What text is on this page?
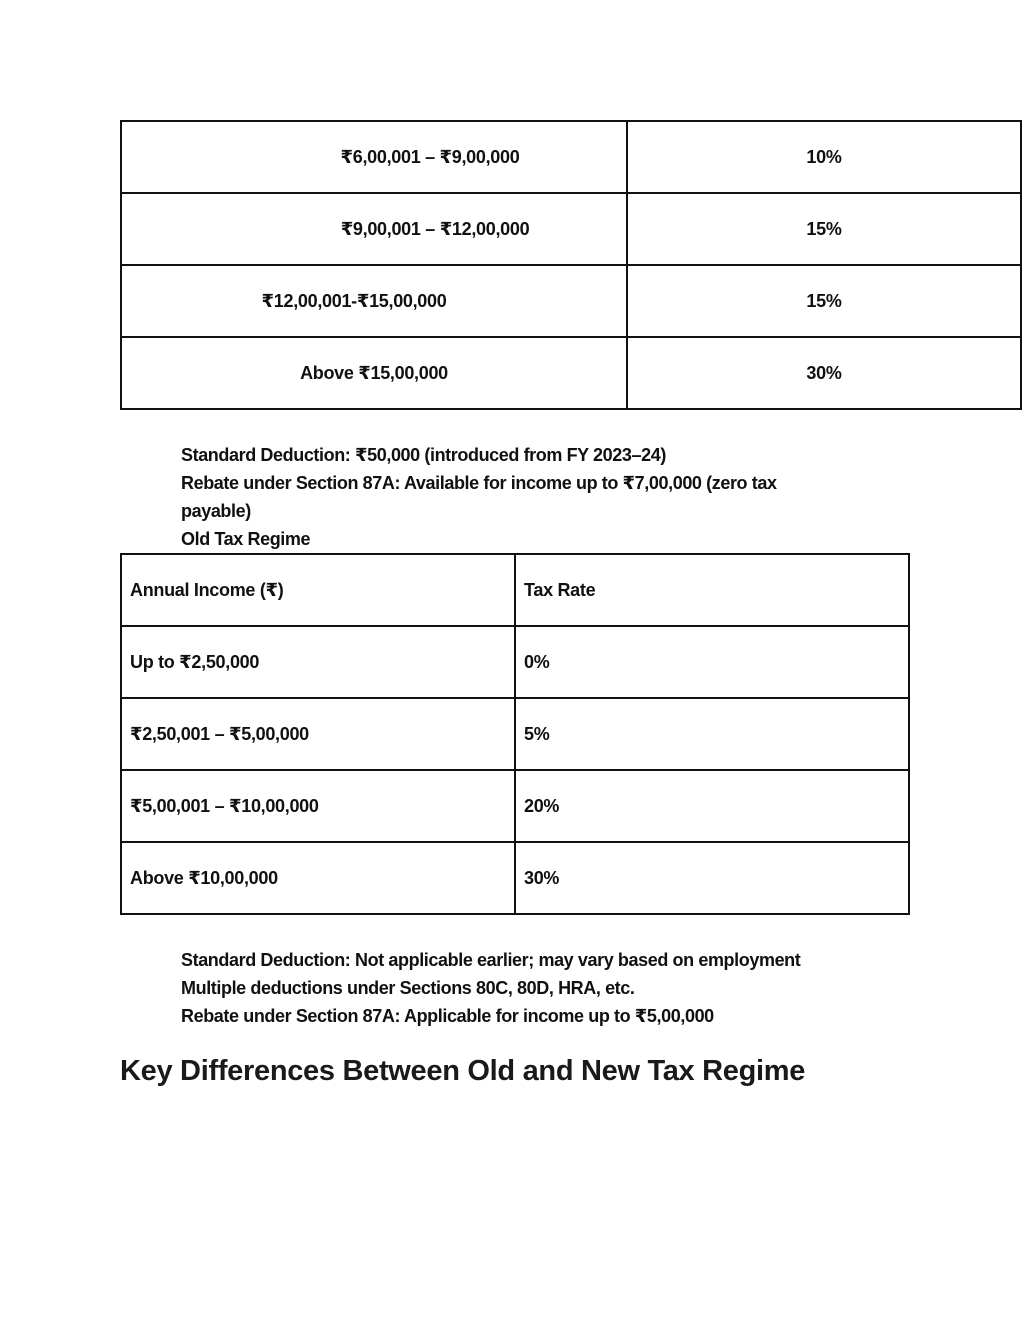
₹6,00,001 – ₹9,00,000	10%
₹9,00,001 – ₹12,00,000	15%
₹12,00,001-₹15,00,000	15%
Above ₹15,00,000	30%
Standard Deduction: ₹50,000 (introduced from FY 2023–24)
Rebate under Section 87A: Available for income up to ₹7,00,000 (zero tax payable)
Old Tax Regime
Annual Income (₹)	Tax Rate
Up to ₹2,50,000	0%
₹2,50,001 – ₹5,00,000	5%
₹5,00,001 – ₹10,00,000	20%
Above ₹10,00,000	30%
Standard Deduction: Not applicable earlier; may vary based on employment
Multiple deductions under Sections 80C, 80D, HRA, etc.
Rebate under Section 87A: Applicable for income up to ₹5,00,000
Key Differences Between Old and New Tax Regime
